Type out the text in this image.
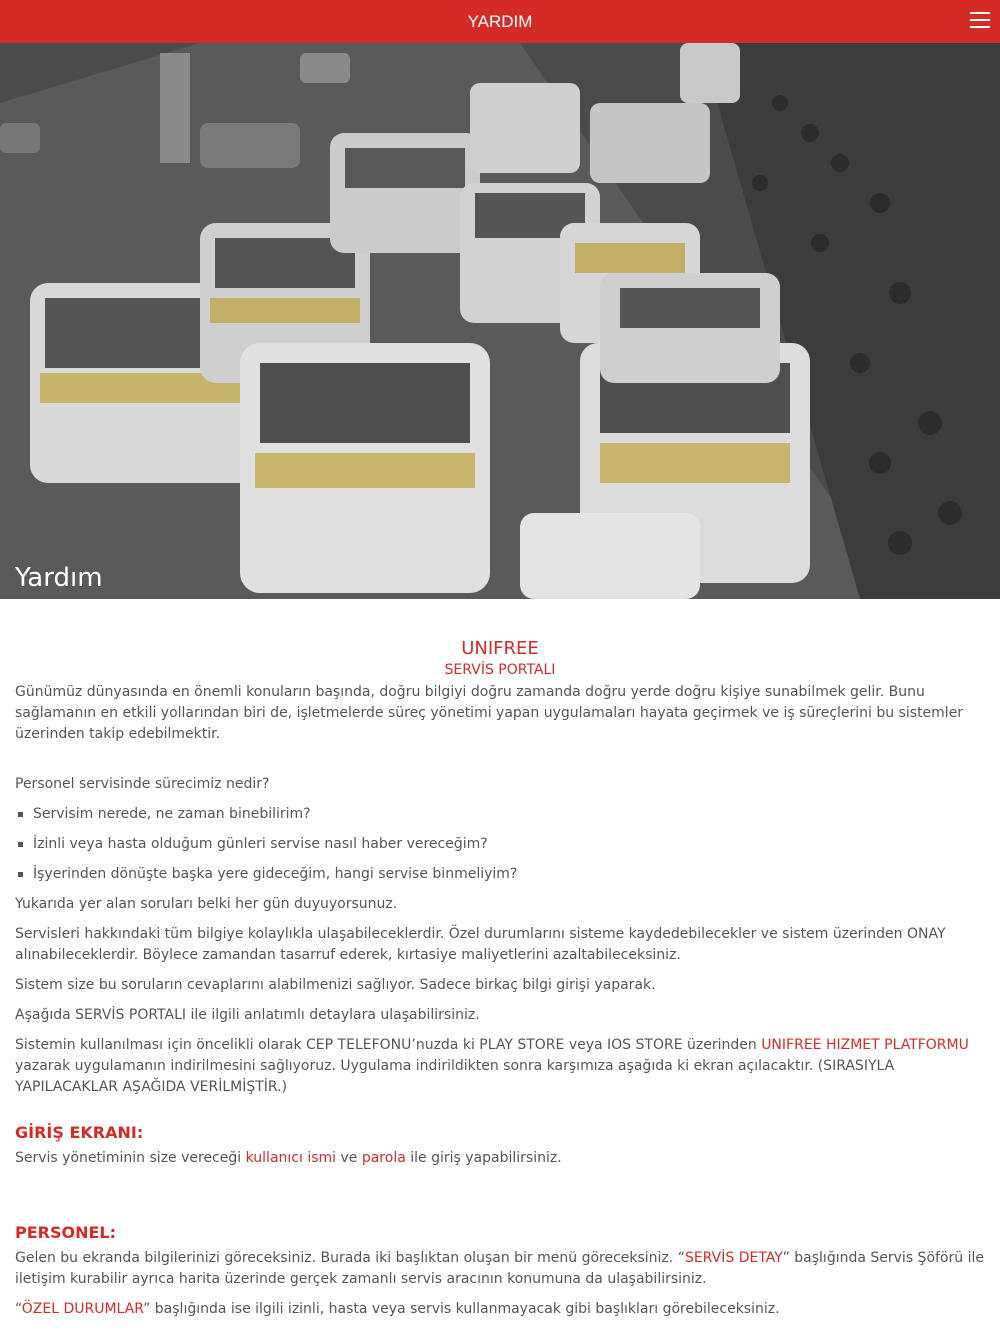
YARDIM
Yardım
UNIFREE
SERVİS PORTALI

Günümüz dünyasında en önemli konuların başında, doğru bilgiyi doğru zamanda doğru yerde doğru kişiye sunabilmek gelir. Bunu sağlamanın en etkili yollarından biri de, işletmelerde süreç yönetimi yapan uygulamaları hayata geçirmek ve iş süreçlerini bu sistemler üzerinden takip edebilmektir.

Personel servisinde sürecimiz nedir?

Servisim nerede, ne zaman binebilirim?
İzinli veya hasta olduğum günleri servise nasıl haber vereceğim?
İşyerinden dönüşte başka yere gideceğim, hangi servise binmeliyim?

Yukarıda yer alan soruları belki her gün duyuyorsunuz.

Servisleri hakkındaki tüm bilgiye kolaylıkla ulaşabileceklerdir. Özel durumlarını sisteme kaydedebilecekler ve sistem üzerinden ONAY alınabileceklerdir. Böylece zamandan tasarruf ederek, kırtasiye maliyetlerini azaltabileceksiniz.

Sistem size bu soruların cevaplarını alabilmenizi sağlıyor. Sadece birkaç bilgi girişi yaparak.

Aşağıda SERVİS PORTALI ile ilgili anlatımlı detaylara ulaşabilirsiniz.

Sistemin kullanılması için öncelikli olarak CEP TELEFONU’nuzda ki PLAY STORE veya IOS STORE üzerinden UNIFREE HIZMET PLATFORMU yazarak uygulamanın indirilmesini sağlıyoruz. Uygulama indirildikten sonra karşımıza aşağıda ki ekran açılacaktır. (SIRASIYLA YAPILACAKLAR AŞAĞIDA VERİLMİŞTİR.)

GİRİŞ EKRANI:

Servis yönetiminin size vereceği kullanıcı ismi ve parola ile giriş yapabilirsiniz.

PERSONEL:

Gelen bu ekranda bilgilerinizi göreceksiniz. Burada iki başlıktan oluşan bir menü göreceksiniz. “SERVİS DETAY” başlığında Servis Şöförü ile iletişim kurabilir ayrıca harita üzerinde gerçek zamanlı servis aracının konumuna da ulaşabilirsiniz.

“ÖZEL DURUMLAR” başlığında ise ilgili izinli, hasta veya servis kullanmayacak gibi başlıkları görebileceksiniz.
